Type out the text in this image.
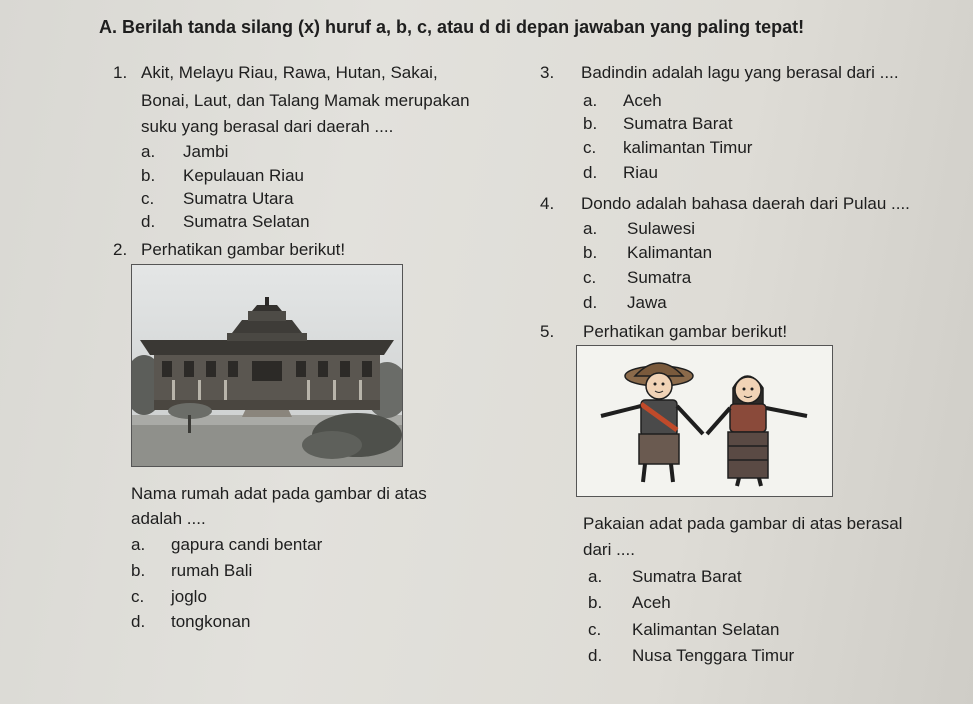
A. Berilah tanda silang (x) huruf a, b, c, atau d di depan jawaban yang paling tepat!
1. Akit, Melayu Riau, Rawa, Hutan, Sakai,
Bonai, Laut, dan Talang Mamak merupakan
suku yang berasal dari daerah ....
a. Jambi
b. Kepulauan Riau
c. Sumatra Utara
d. Sumatra Selatan
2. Perhatikan gambar berikut!
Nama rumah adat pada gambar di atas
adalah ....
a. gapura candi bentar
b. rumah Bali
c. joglo
d. tongkonan
3. Badindin adalah lagu yang berasal dari ....
a. Aceh
b. Sumatra Barat
c. kalimantan Timur
d. Riau
4. Dondo adalah bahasa daerah dari Pulau ....
a. Sulawesi
b. Kalimantan
c. Sumatra
d. Jawa
5. Perhatikan gambar berikut!
Pakaian adat pada gambar di atas berasal
dari ....
a. Sumatra Barat
b. Aceh
c. Kalimantan Selatan
d. Nusa Tenggara Timur
